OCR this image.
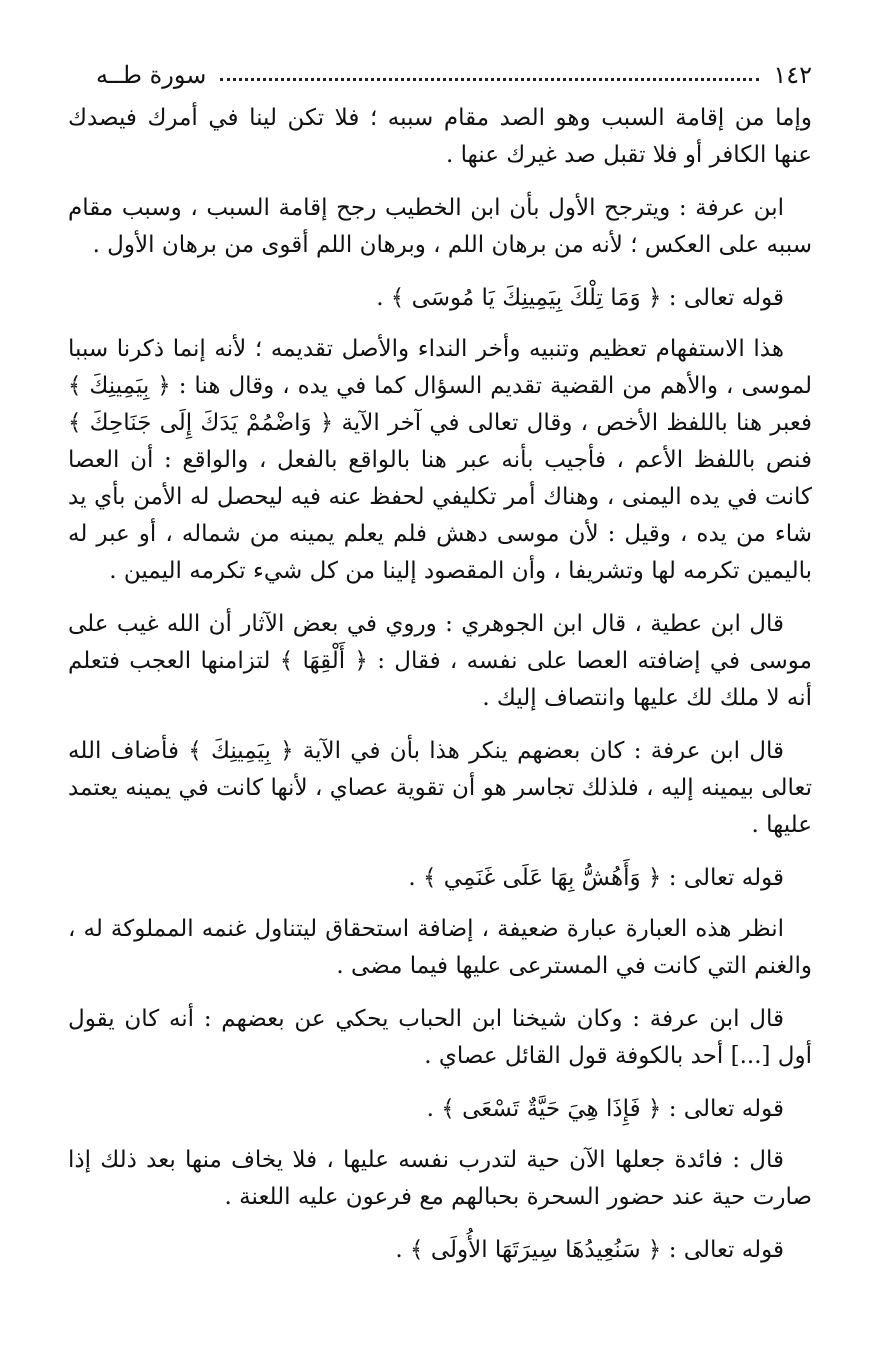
١٤٢
سورة طــه

وإما من إقامة السبب وهو الصد مقام سببه ؛ فلا تكن لينا في أمرك فيصدك عنها الكافر أو فلا تقبل صد غيرك عنها .

ابن عرفة : ويترجح الأول بأن ابن الخطيب رجح إقامة السبب ، وسبب مقام سببه على العكس ؛ لأنه من برهان اللم ، وبرهان اللم أقوى من برهان الأول .

قوله تعالى : ﴿ وَمَا تِلْكَ بِيَمِينِكَ يَا مُوسَى ﴾ .

هذا الاستفهام تعظيم وتنبيه وأخر النداء والأصل تقديمه ؛ لأنه إنما ذكرنا سببا لموسى ، والأهم من القضية تقديم السؤال كما في يده ، وقال هنا : ﴿ بِيَمِينِكَ ﴾ فعبر هنا باللفظ الأخص ، وقال تعالى في آخر الآية ﴿ وَاضْمُمْ يَدَكَ إِلَى جَنَاحِكَ ﴾ فنص باللفظ الأعم ، فأجيب بأنه عبر هنا بالواقع بالفعل ، والواقع : أن العصا كانت في يده اليمنى ، وهناك أمر تكليفي لحفظ عنه فيه ليحصل له الأمن بأي يد شاء من يده ، وقيل : لأن موسى دهش فلم يعلم يمينه من شماله ، أو عبر له باليمين تكرمه لها وتشريفا ، وأن المقصود إلينا من كل شيء تكرمه اليمين .

قال ابن عطية ، قال ابن الجوهري : وروي في بعض الآثار أن الله غيب على موسى في إضافته العصا على نفسه ، فقال : ﴿ أَلْقِهَا ﴾ لتزامنها العجب فتعلم أنه لا ملك لك عليها وانتصاف إليك .

قال ابن عرفة : كان بعضهم ينكر هذا بأن في الآية ﴿ بِيَمِينِكَ ﴾ فأضاف الله تعالى بيمينه إليه ، فلذلك تجاسر هو أن تقوية عصاي ، لأنها كانت في يمينه يعتمد عليها .

قوله تعالى : ﴿ وَأَهُشُّ بِهَا عَلَى غَنَمِي ﴾ .

انظر هذه العبارة عبارة ضعيفة ، إضافة استحقاق ليتناول غنمه المملوكة له ، والغنم التي كانت في المسترعى عليها فيما مضى .

قال ابن عرفة : وكان شيخنا ابن الحباب يحكي عن بعضهم : أنه كان يقول أول [...] أحد بالكوفة قول القائل عصاي .

قوله تعالى : ﴿ فَإِذَا هِيَ حَيَّةٌ تَسْعَى ﴾ .

قال : فائدة جعلها الآن حية لتدرب نفسه عليها ، فلا يخاف منها بعد ذلك إذا صارت حية عند حضور السحرة بحبالهم مع فرعون عليه اللعنة .

قوله تعالى : ﴿ سَنُعِيدُهَا سِيرَتَهَا الأُولَى ﴾ .
